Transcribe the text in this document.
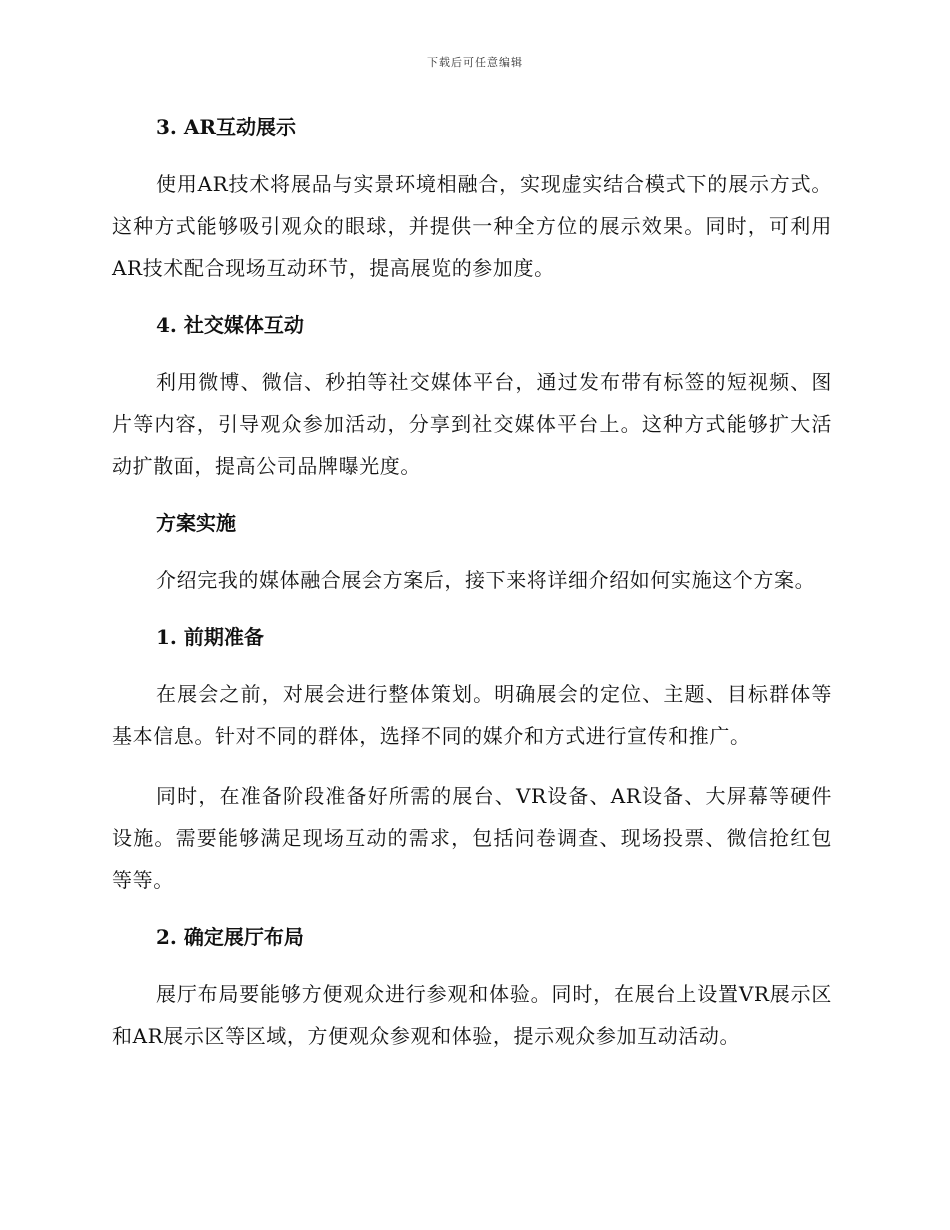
下载后可任意编辑
3. AR互动展示

使用AR技术将展品与实景环境相融合，实现虚实结合模式下的展示方式。这种方式能够吸引观众的眼球，并提供一种全方位的展示效果。同时，可利用AR技术配合现场互动环节，提高展览的参加度。

4. 社交媒体互动

利用微博、微信、秒拍等社交媒体平台，通过发布带有标签的短视频、图片等内容，引导观众参加活动，分享到社交媒体平台上。这种方式能够扩大活动扩散面，提高公司品牌曝光度。

方案实施

介绍完我的媒体融合展会方案后，接下来将详细介绍如何实施这个方案。

1. 前期准备

在展会之前，对展会进行整体策划。明确展会的定位、主题、目标群体等基本信息。针对不同的群体，选择不同的媒介和方式进行宣传和推广。

同时，在准备阶段准备好所需的展台、VR设备、AR设备、大屏幕等硬件设施。需要能够满足现场互动的需求，包括问卷调查、现场投票、微信抢红包等等。

2. 确定展厅布局

展厅布局要能够方便观众进行参观和体验。同时，在展台上设置VR展示区和AR展示区等区域，方便观众参观和体验，提示观众参加互动活动。
